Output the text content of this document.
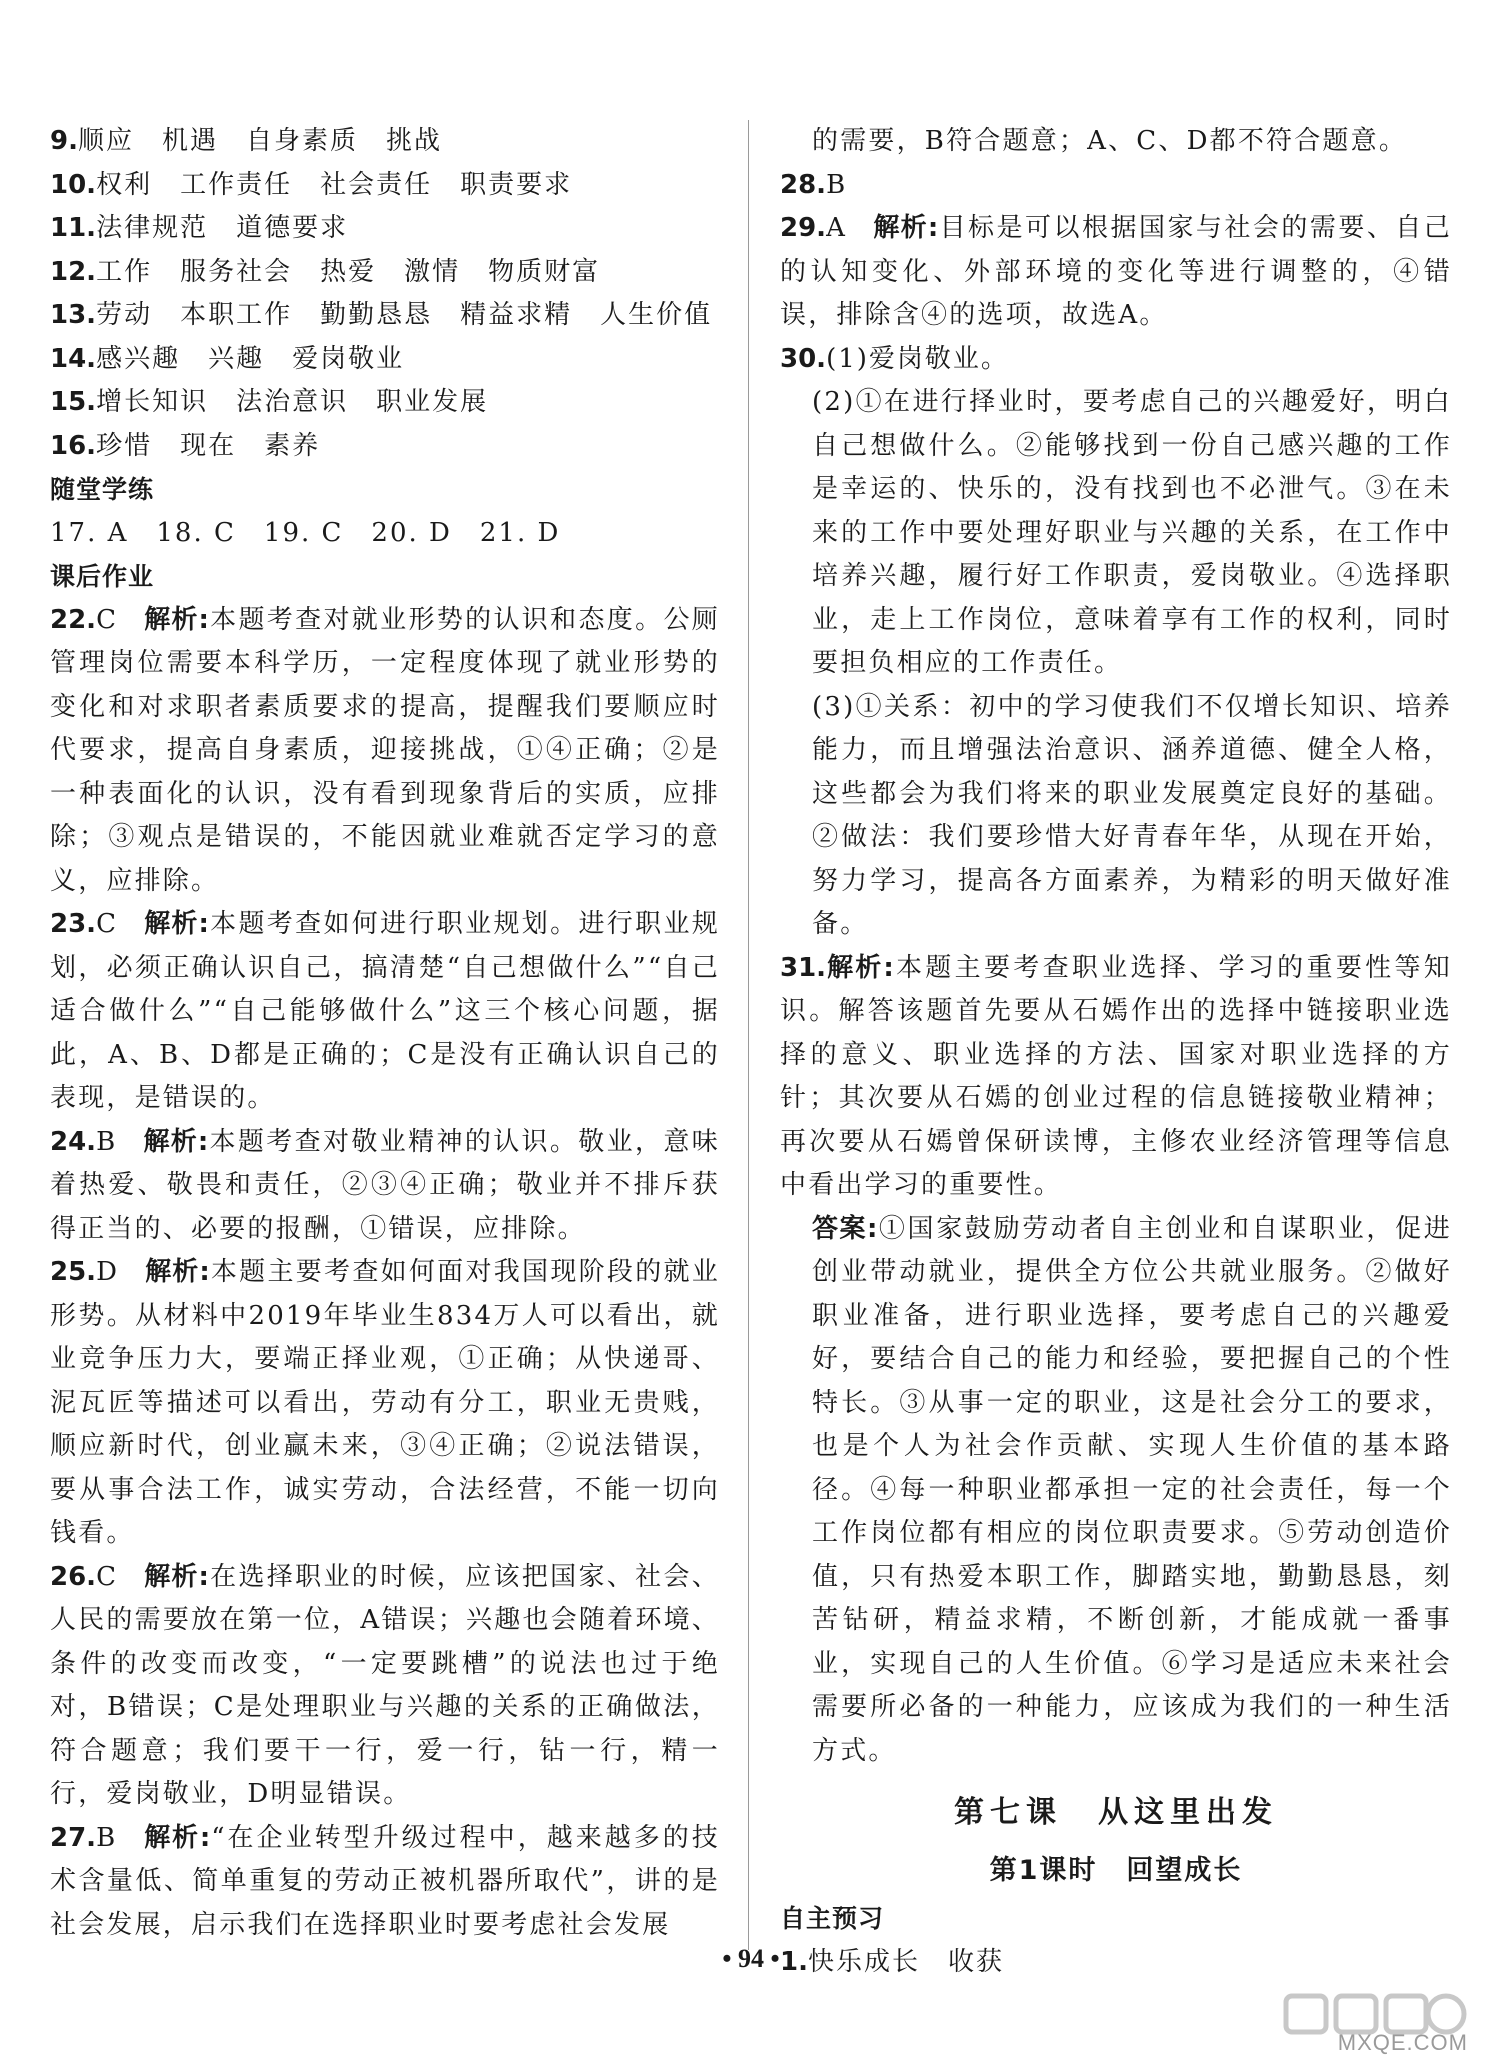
9.顺应　机遇　自身素质　挑战
10.权利　工作责任　社会责任　职责要求
11.法律规范　道德要求
12.工作　服务社会　热爱　激情　物质财富
13.劳动　本职工作　勤勤恳恳　精益求精　人生价值
14.感兴趣　兴趣　爱岗敬业
15.增长知识　法治意识　职业发展
16.珍惜　现在　素养
随堂学练
17. A　18. C　19. C　20. D　21. D
课后作业
22.C 解析:本题考查对就业形势的认识和态度。公厕管理岗位需要本科学历，一定程度体现了就业形势的变化和对求职者素质要求的提高，提醒我们要顺应时代要求，提高自身素质，迎接挑战，①④正确；②是一种表面化的认识，没有看到现象背后的实质，应排除；③观点是错误的，不能因就业难就否定学习的意义，应排除。
23.C 解析:本题考查如何进行职业规划。进行职业规划，必须正确认识自己，搞清楚“自己想做什么”“自己适合做什么”“自己能够做什么”这三个核心问题，据此，A、B、D都是正确的；C是没有正确认识自己的表现，是错误的。
24.B 解析:本题考查对敬业精神的认识。敬业，意味着热爱、敬畏和责任，②③④正确；敬业并不排斥获得正当的、必要的报酬，①错误，应排除。
25.D 解析:本题主要考查如何面对我国现阶段的就业形势。从材料中2019年毕业生834万人可以看出，就业竞争压力大，要端正择业观，①正确；从快递哥、泥瓦匠等描述可以看出，劳动有分工，职业无贵贱，顺应新时代，创业赢未来，③④正确；②说法错误，要从事合法工作，诚实劳动，合法经营，不能一切向钱看。
26.C 解析:在选择职业的时候，应该把国家、社会、人民的需要放在第一位，A错误；兴趣也会随着环境、条件的改变而改变，“一定要跳槽”的说法也过于绝对，B错误；C是处理职业与兴趣的关系的正确做法，符合题意；我们要干一行，爱一行，钻一行，精一行，爱岗敬业，D明显错误。
27.B 解析:“在企业转型升级过程中，越来越多的技术含量低、简单重复的劳动正被机器所取代”，讲的是社会发展，启示我们在选择职业时要考虑社会发展
的需要，B符合题意；A、C、D都不符合题意。
28.B
29.A 解析:目标是可以根据国家与社会的需要、自己的认知变化、外部环境的变化等进行调整的，④错误，排除含④的选项，故选A。
30.(1)爱岗敬业。
(2)①在进行择业时，要考虑自己的兴趣爱好，明白自己想做什么。②能够找到一份自己感兴趣的工作是幸运的、快乐的，没有找到也不必泄气。③在未来的工作中要处理好职业与兴趣的关系，在工作中培养兴趣，履行好工作职责，爱岗敬业。④选择职业，走上工作岗位，意味着享有工作的权利，同时要担负相应的工作责任。
(3)①关系：初中的学习使我们不仅增长知识、培养能力，而且增强法治意识、涵养道德、健全人格，这些都会为我们将来的职业发展奠定良好的基础。②做法：我们要珍惜大好青春年华，从现在开始，努力学习，提高各方面素养，为精彩的明天做好准备。
31.解析:本题主要考查职业选择、学习的重要性等知识。解答该题首先要从石嫣作出的选择中链接职业选择的意义、职业选择的方法、国家对职业选择的方针；其次要从石嫣的创业过程的信息链接敬业精神；再次要从石嫣曾保研读博，主修农业经济管理等信息中看出学习的重要性。
答案:①国家鼓励劳动者自主创业和自谋职业，促进创业带动就业，提供全方位公共就业服务。②做好职业准备，进行职业选择，要考虑自己的兴趣爱好，要结合自己的能力和经验，要把握自己的个性特长。③从事一定的职业，这是社会分工的要求，也是个人为社会作贡献、实现人生价值的基本路径。④每一种职业都承担一定的社会责任，每一个工作岗位都有相应的岗位职责要求。⑤劳动创造价值，只有热爱本职工作，脚踏实地，勤勤恳恳，刻苦钻研，精益求精，不断创新，才能成就一番事业，实现自己的人生价值。⑥学习是适应未来社会需要所必备的一种能力，应该成为我们的一种生活方式。
第七课　从这里出发
第1课时　回望成长
自主预习
1.快乐成长　收获
• 94 •
MXQE.COM
